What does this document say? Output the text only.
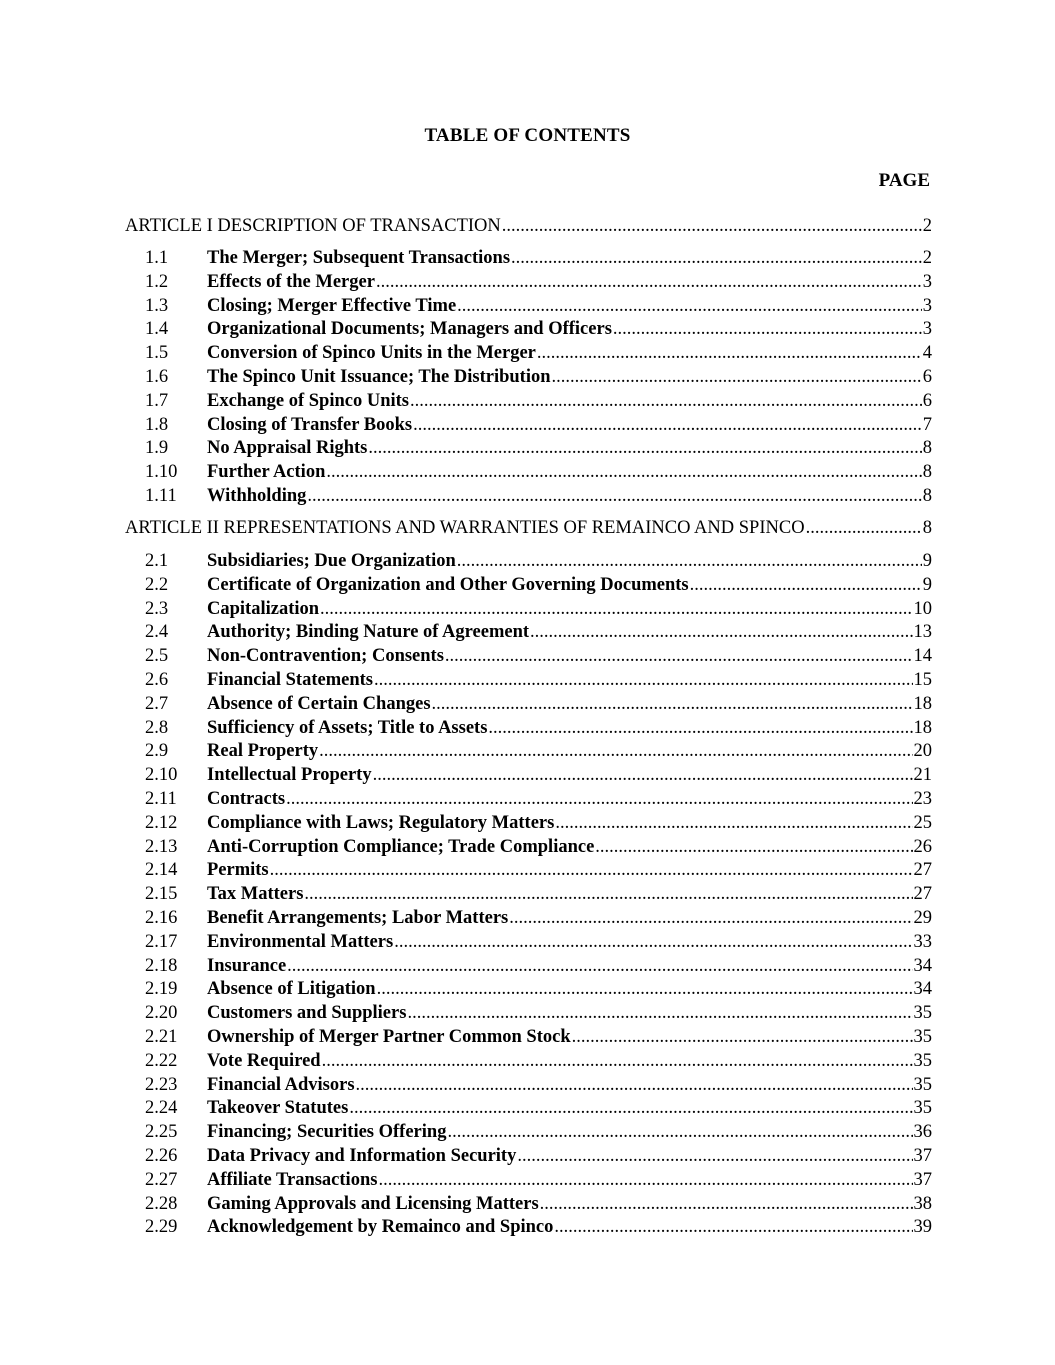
TABLE OF CONTENTS
PAGE
ARTICLE I DESCRIPTION OF TRANSACTION .....	2
1.1	The Merger; Subsequent Transactions .....	2
1.2	Effects of the Merger .....	3
1.3	Closing; Merger Effective Time .....	3
1.4	Organizational Documents; Managers and Officers .....	3
1.5	Conversion of Spinco Units in the Merger .....	4
1.6	The Spinco Unit Issuance; The Distribution .....	6
1.7	Exchange of Spinco Units .....	6
1.8	Closing of Transfer Books .....	7
1.9	No Appraisal Rights .....	8
1.10	Further Action .....	8
1.11	Withholding .....	8
ARTICLE II REPRESENTATIONS AND WARRANTIES OF REMAINCO AND SPINCO .....	8
2.1	Subsidiaries; Due Organization .....	9
2.2	Certificate of Organization and Other Governing Documents .....	9
2.3	Capitalization .....	10
2.4	Authority; Binding Nature of Agreement .....	13
2.5	Non-Contravention; Consents .....	14
2.6	Financial Statements .....	15
2.7	Absence of Certain Changes .....	18
2.8	Sufficiency of Assets; Title to Assets .....	18
2.9	Real Property .....	20
2.10	Intellectual Property .....	21
2.11	Contracts .....	23
2.12	Compliance with Laws; Regulatory Matters .....	25
2.13	Anti-Corruption Compliance; Trade Compliance .....	26
2.14	Permits .....	27
2.15	Tax Matters .....	27
2.16	Benefit Arrangements; Labor Matters .....	29
2.17	Environmental Matters .....	33
2.18	Insurance .....	34
2.19	Absence of Litigation .....	34
2.20	Customers and Suppliers .....	35
2.21	Ownership of Merger Partner Common Stock .....	35
2.22	Vote Required .....	35
2.23	Financial Advisors .....	35
2.24	Takeover Statutes .....	35
2.25	Financing; Securities Offering .....	36
2.26	Data Privacy and Information Security .....	37
2.27	Affiliate Transactions .....	37
2.28	Gaming Approvals and Licensing Matters .....	38
2.29	Acknowledgement by Remainco and Spinco .....	39
